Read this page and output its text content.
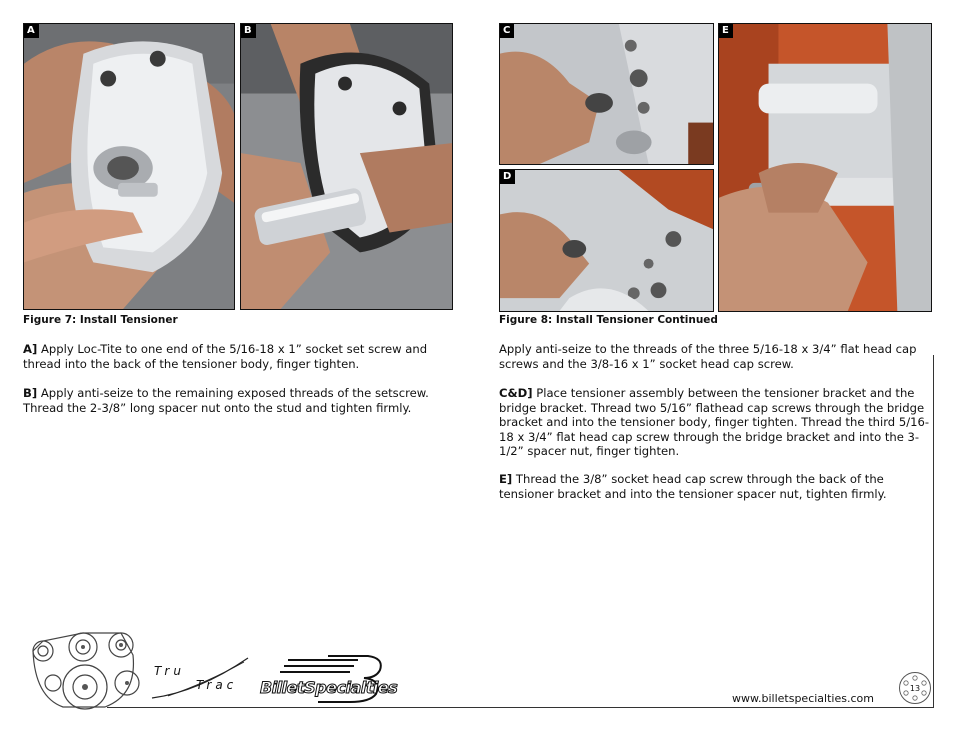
A	B	C
D
E
Figure 7: Install Tensioner	Figure 8: Install Tensioner Continued
A] Apply Loc-Tite to one end of the 5/16-18 x 1” socket set screw and thread into the back of the tensioner body, finger tighten.
B] Apply anti-seize to the remaining exposed threads of the setscrew. Thread the 2-3/8” long spacer nut onto the stud and tighten firmly.
Apply anti-seize to the threads of the three 5/16-18 x 3/4” flat head cap screws and the 3/8-16 x 1” socket head cap screw.
C&D] Place tensioner assembly between the tensioner bracket and the bridge bracket. Thread two 5/16” flathead cap screws through the bridge bracket and into the tensioner body, finger tighten. Thread the third 5/16-18 x 3/4” flat head cap screw through the bridge bracket and into the 3-1/2” spacer nut, finger tighten.
E] Thread the 3/8” socket head cap screw through the back of the tensioner bracket and into the tensioner spacer nut, tighten firmly.
Tru
Trac BilletSpecialties
www.billetspecialties.com
13
